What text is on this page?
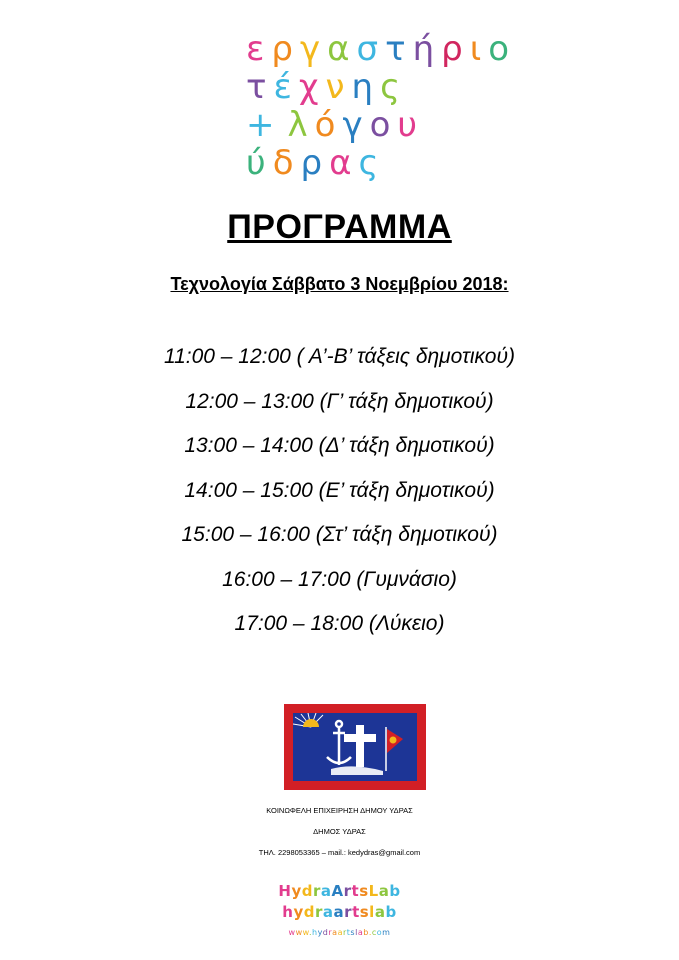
εργαστήριο
τέχνης
+ λόγου
ύδρας
ΠΡΟΓΡΑΜΜΑ
Τεχνολογία Σάββατο 3 Νοεμβρίου 2018:
11:00 – 12:00 ( Α’-Β’ τάξεις δημοτικού)
12:00 – 13:00 (Γ’ τάξη δημοτικού)
13:00 – 14:00 (Δ’ τάξη δημοτικού)
14:00 – 15:00 (Ε’ τάξη δημοτικού)
15:00 – 16:00 (Στ’ τάξη δημοτικού)
16:00 – 17:00 (Γυμνάσιο)
17:00 – 18:00 (Λύκειο)
ΚΟΙΝΩΦΕΛΗ ΕΠΙΧΕΙΡΗΣΗ ΔΗΜΟΥ ΥΔΡΑΣ
ΔΗΜΟΣ ΥΔΡΑΣ
ΤΗΛ. 2298053365 – mail.: kedydras@gmail.com
HydraArtsLab
hydraartslab
www.hydraartslab.com
